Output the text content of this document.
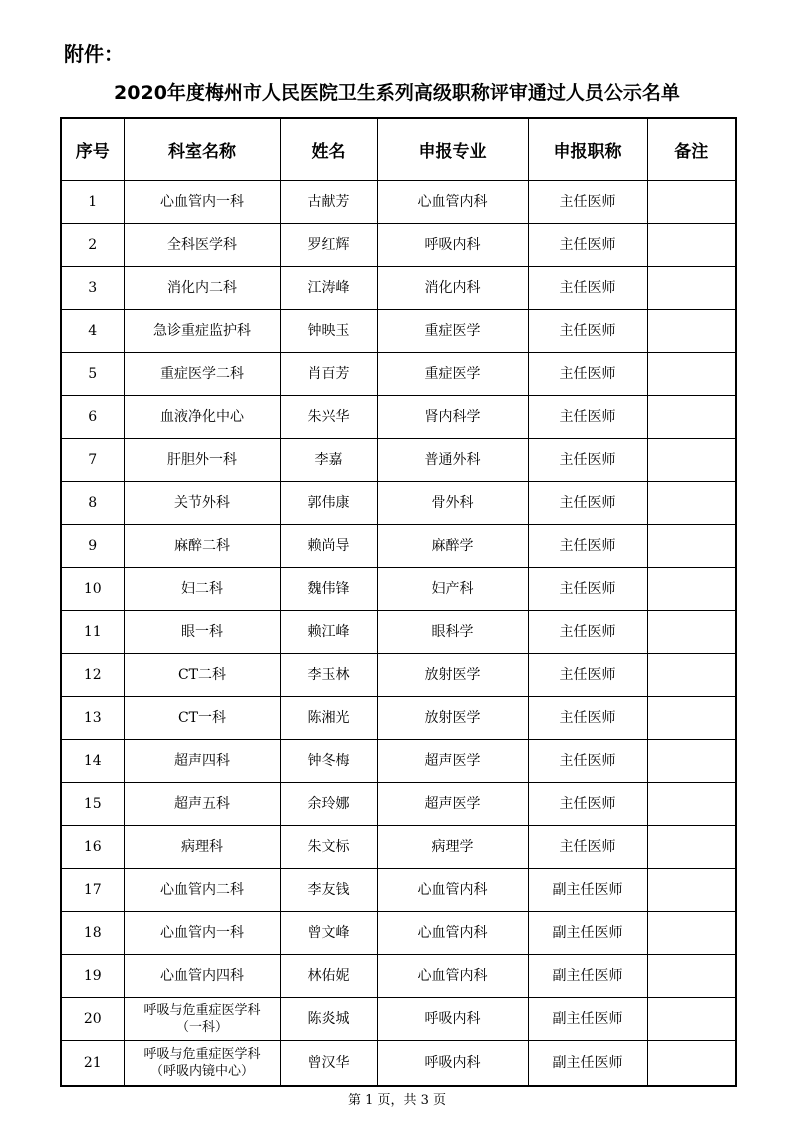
附件：
2020年度梅州市人民医院卫生系列高级职称评审通过人员公示名单
序号	科室名称	姓名	申报专业	申报职称	备注
1	心血管内一科	古献芳	心血管内科	主任医师	
2	全科医学科	罗红辉	呼吸内科	主任医师	
3	消化内二科	江涛峰	消化内科	主任医师	
4	急诊重症监护科	钟映玉	重症医学	主任医师	
5	重症医学二科	肖百芳	重症医学	主任医师	
6	血液净化中心	朱兴华	肾内科学	主任医师	
7	肝胆外一科	李嘉	普通外科	主任医师	
8	关节外科	郭伟康	骨外科	主任医师	
9	麻醉二科	赖尚导	麻醉学	主任医师	
10	妇二科	魏伟锋	妇产科	主任医师	
11	眼一科	赖江峰	眼科学	主任医师	
12	CT二科	李玉林	放射医学	主任医师	
13	CT一科	陈湘光	放射医学	主任医师	
14	超声四科	钟冬梅	超声医学	主任医师	
15	超声五科	余玲娜	超声医学	主任医师	
16	病理科	朱文标	病理学	主任医师	
17	心血管内二科	李友钱	心血管内科	副主任医师	
18	心血管内一科	曾文峰	心血管内科	副主任医师	
19	心血管内四科	林佑妮	心血管内科	副主任医师	
20	呼吸与危重症医学科
（一科）	陈炎城	呼吸内科	副主任医师	
21	呼吸与危重症医学科
（呼吸内镜中心）	曾汉华	呼吸内科	副主任医师	
第 1 页，共 3 页
